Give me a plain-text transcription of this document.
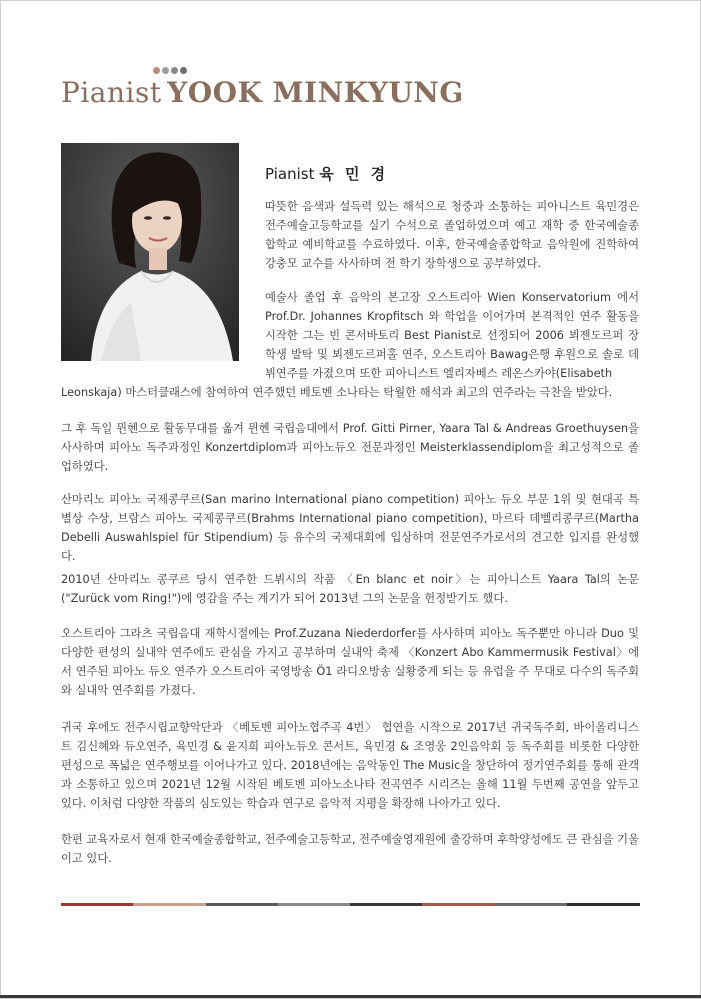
Pianist YOOK MINKYUNG
Pianist 육 민 경
따뜻한 음색과 설득력 있는 해석으로 청중과 소통하는 피아니스트 육민경은 전주예술고등학교를 실기 수석으로 졸업하였으며 예고 재학 중 한국예술종합학교 예비학교를 수료하였다. 이후, 한국예술종합학교 음악원에 진학하여 강충모 교수를 사사하며 전 학기 장학생으로 공부하였다.
예술사 졸업 후 음악의 본고장 오스트리아 Wien Konservatorium 에서 Prof.Dr. Johannes Kropfitsch 와 학업을 이어가며 본격적인 연주 활동을 시작한 그는 빈 콘서바토리 Best Pianist로 선정되어 2006 뵈젠도르퍼 장학생 발탁 및 뵈젠도르퍼홀 연주, 오스트리아 Bawag은행 후원으로 솔로 데뷔연주를 가졌으며 또한 피아니스트 엘리자베스 레온스카야(Elisabeth
Leonskaja) 마스터클래스에 참여하여 연주했던 베토벤 소나타는 탁월한 해석과 최고의 연주라는 극찬을 받았다.
그 후 독일 뮌헨으로 활동무대를 옮겨 뮌헨 국립음대에서 Prof. Gitti Pirner, Yaara Tal & Andreas Groethuysen을 사사하며 피아노 독주과정인 Konzertdiplom과 피아노듀오 전문과정인 Meisterklassendiplom을 최고성적으로 졸업하였다.
산마리노 피아노 국제콩쿠르(San marino International piano competition) 피아노 듀오 부문 1위 및 현대곡 특별상 수상, 브람스 피아노 국제콩쿠르(Brahms International piano competition), 마르타 데벨리콩쿠르(Martha Debelli Auswahlspiel für Stipendium) 등 유수의 국제대회에 입상하며 전문연주가로서의 견고한 입지를 완성했다.
2010년 산마리노 콩쿠르 당시 연주한 드뷔시의 작품 〈En blanc et noir〉는 피아니스트 Yaara Tal의 논문 ("Zurück vom Ring!")에 영감을 주는 계기가 되어 2013년 그의 논문을 헌정받기도 했다.
오스트리아 그라츠 국립음대 재학시절에는 Prof.Zuzana Niederdorfer를 사사하며 피아노 독주뿐만 아니라 Duo 및 다양한 편성의 실내악 연주에도 관심을 가지고 공부하며 실내악 축제 〈Konzert Abo Kammermusik Festival〉에서 연주된 피아노 듀오 연주가 오스트리아 국영방송 Ö1 라디오방송 실황중계 되는 등 유럽을 주 무대로 다수의 독주회와 실내악 연주회를 가졌다.
귀국 후에도 전주시립교향악단과 〈베토벤 피아노협주곡 4번〉 협연을 시작으로 2017년 귀국독주회, 바이올리니스트 김신혜와 듀오연주, 육민경 & 윤지희 피아노듀오 콘서트, 육민경 & 조영웅 2인음악회 등 독주회를 비롯한 다양한 편성으로 폭넓은 연주행보를 이어나가고 있다. 2018년에는 음악동인 The Music을 창단하여 정기연주회를 통해 관객과 소통하고 있으며 2021년 12월 시작된 베토벤 피아노소나타 전곡연주 시리즈는 올해 11월 두번째 공연을 앞두고 있다. 이처럼 다양한 작품의 심도있는 학습과 연구로 음악적 지평을 확장해 나아가고 있다.
한편 교육자로서 현재 한국예술종합학교, 전주예술고등학교, 전주예술영재원에 출강하며 후학양성에도 큰 관심을 기울이고 있다.
